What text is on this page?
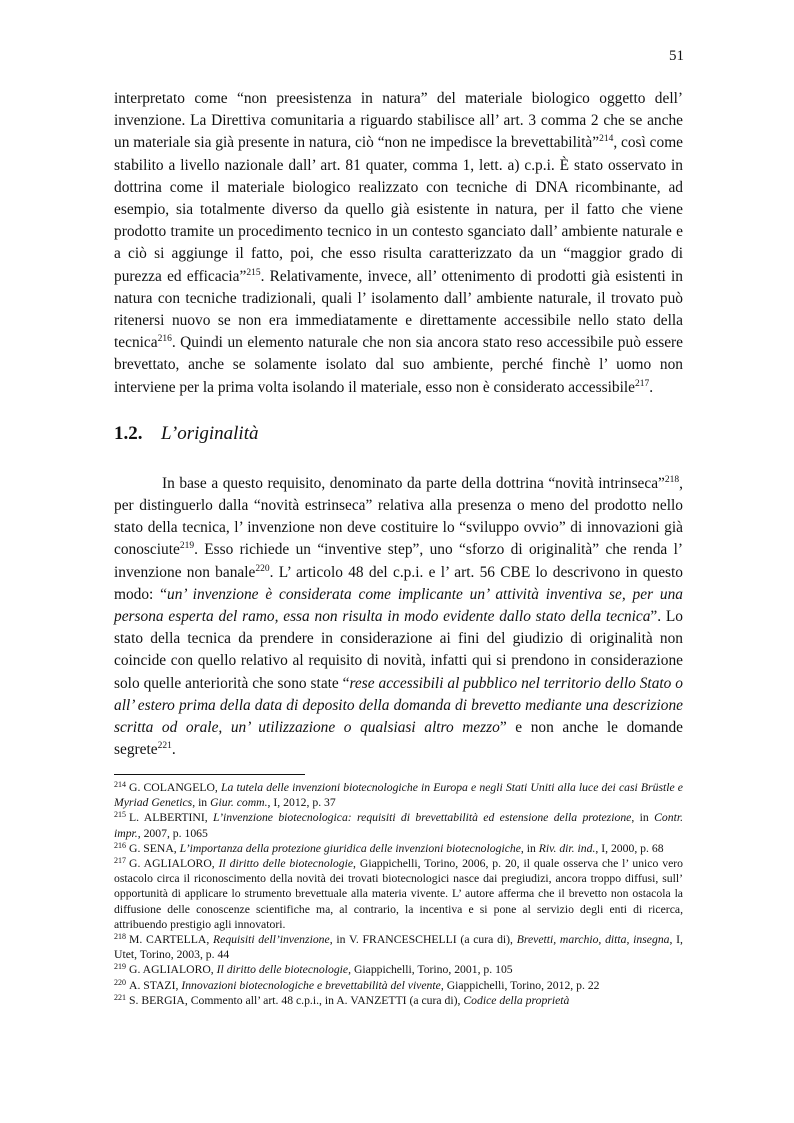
51

interpretato come “non preesistenza in natura” del materiale biologico oggetto dell’ invenzione. La Direttiva comunitaria a riguardo stabilisce all’ art. 3 comma 2 che se anche un materiale sia già presente in natura, ciò “non ne impedisce la brevettabilità”$^{214}$, così come stabilito a livello nazionale dall’ art. 81 quater, comma 1, lett. a) c.p.i. È stato osservato in dottrina come il materiale biologico realizzato con tecniche di DNA ricombinante, ad esempio, sia totalmente diverso da quello già esistente in natura, per il fatto che viene prodotto tramite un procedimento tecnico in un contesto sganciato dall’ ambiente naturale e a ciò si aggiunge il fatto, poi, che esso risulta caratterizzato da un “maggior grado di purezza ed efficacia”$^{215}$. Relativamente, invece, all’ ottenimento di prodotti già esistenti in natura con tecniche tradizionali, quali l’ isolamento dall’ ambiente naturale, il trovato può ritenersi nuovo se non era immediatamente e direttamente accessibile nello stato della tecnica$^{216}$. Quindi un elemento naturale che non sia ancora stato reso accessibile può essere brevettato, anche se solamente isolato dal suo ambiente, perché finchè l’ uomo non interviene per la prima volta isolando il materiale, esso non è considerato accessibile$^{217}$.

1.2. L’originalità

In base a questo requisito, denominato da parte della dottrina “novità intrinseca”$^{218}$, per distinguerlo dalla “novità estrinseca” relativa alla presenza o meno del prodotto nello stato della tecnica, l’ invenzione non deve costituire lo “sviluppo ovvio” di innovazioni già conosciute$^{219}$. Esso richiede un “inventive step”, uno “sforzo di originalità” che renda l’ invenzione non banale$^{220}$. L’ articolo 48 del c.p.i. e l’ art. 56 CBE lo descrivono in questo modo: “un’ invenzione è considerata come implicante un’ attività inventiva se, per una persona esperta del ramo, essa non risulta in modo evidente dallo stato della tecnica”. Lo stato della tecnica da prendere in considerazione ai fini del giudizio di originalità non coincide con quello relativo al requisito di novità, infatti qui si prendono in considerazione solo quelle anteriorità che sono state “rese accessibili al pubblico nel territorio dello Stato o all’ estero prima della data di deposito della domanda di brevetto mediante una descrizione scritta od orale, un’ utilizzazione o qualsiasi altro mezzo” e non anche le domande segrete$^{221}$.

$^{214}$ G. COLANGELO, La tutela delle invenzioni biotecnologiche in Europa e negli Stati Uniti alla luce dei casi Brüstle e Myriad Genetics, in Giur. comm., I, 2012, p. 37

$^{215}$ L. ALBERTINI, L’invenzione biotecnologica: requisiti di brevettabilità ed estensione della protezione, in Contr. impr., 2007, p. 1065

$^{216}$ G. SENA, L’importanza della protezione giuridica delle invenzioni biotecnologiche, in Riv. dir. ind., I, 2000, p. 68

$^{217}$ G. AGLIALORO, Il diritto delle biotecnologie, Giappichelli, Torino, 2006, p. 20, il quale osserva che l’ unico vero ostacolo circa il riconoscimento della novità dei trovati biotecnologici nasce dai pregiudizi, ancora troppo diffusi, sull’ opportunità di applicare lo strumento brevettuale alla materia vivente. L’ autore afferma che il brevetto non ostacola la diffusione delle conoscenze scientifiche ma, al contrario, la incentiva e si pone al servizio degli enti di ricerca, attribuendo prestigio agli innovatori.

$^{218}$ M. CARTELLA, Requisiti dell’invenzione, in V. FRANCESCHELLI (a cura di), Brevetti, marchio, ditta, insegna, I, Utet, Torino, 2003, p. 44

$^{219}$ G. AGLIALORO, Il diritto delle biotecnologie, Giappichelli, Torino, 2001, p. 105

$^{220}$ A. STAZI, Innovazioni biotecnologiche e brevettabilità del vivente, Giappichelli, Torino, 2012, p. 22

$^{221}$ S. BERGIA, Commento all’ art. 48 c.p.i., in A. VANZETTI (a cura di), Codice della proprietà
